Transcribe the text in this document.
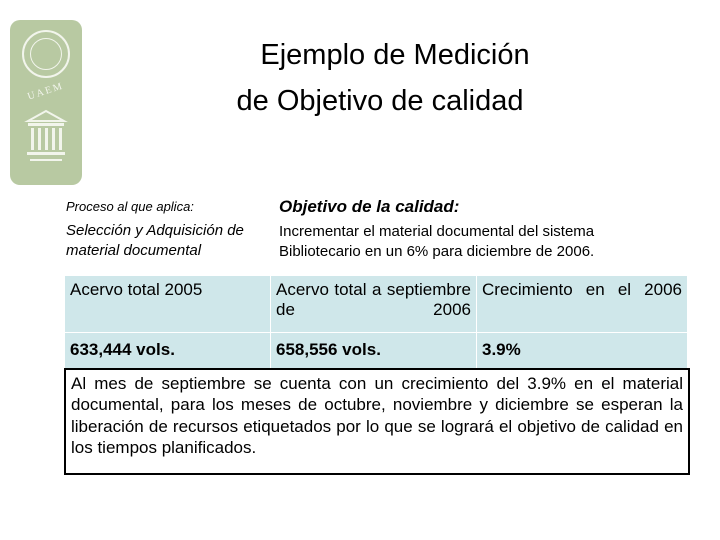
UAEM
Ejemplo de Medición
de Objetivo de calidad
Proceso al que aplica:
Selección y Adquisición de material documental
Objetivo de la calidad:
Incrementar el material documental del sistema Bibliotecario en un 6% para diciembre de 2006.
Acervo total 2005	Acervo total a septiembre de 2006	Crecimiento en el 2006
633,444 vols.	658,556 vols.	3.9%
Al mes de septiembre se cuenta con un crecimiento del 3.9% en el material documental, para los meses de octubre, noviembre y diciembre se esperan la liberación de recursos etiquetados por lo que se logrará el objetivo de calidad en los tiempos planificados.
